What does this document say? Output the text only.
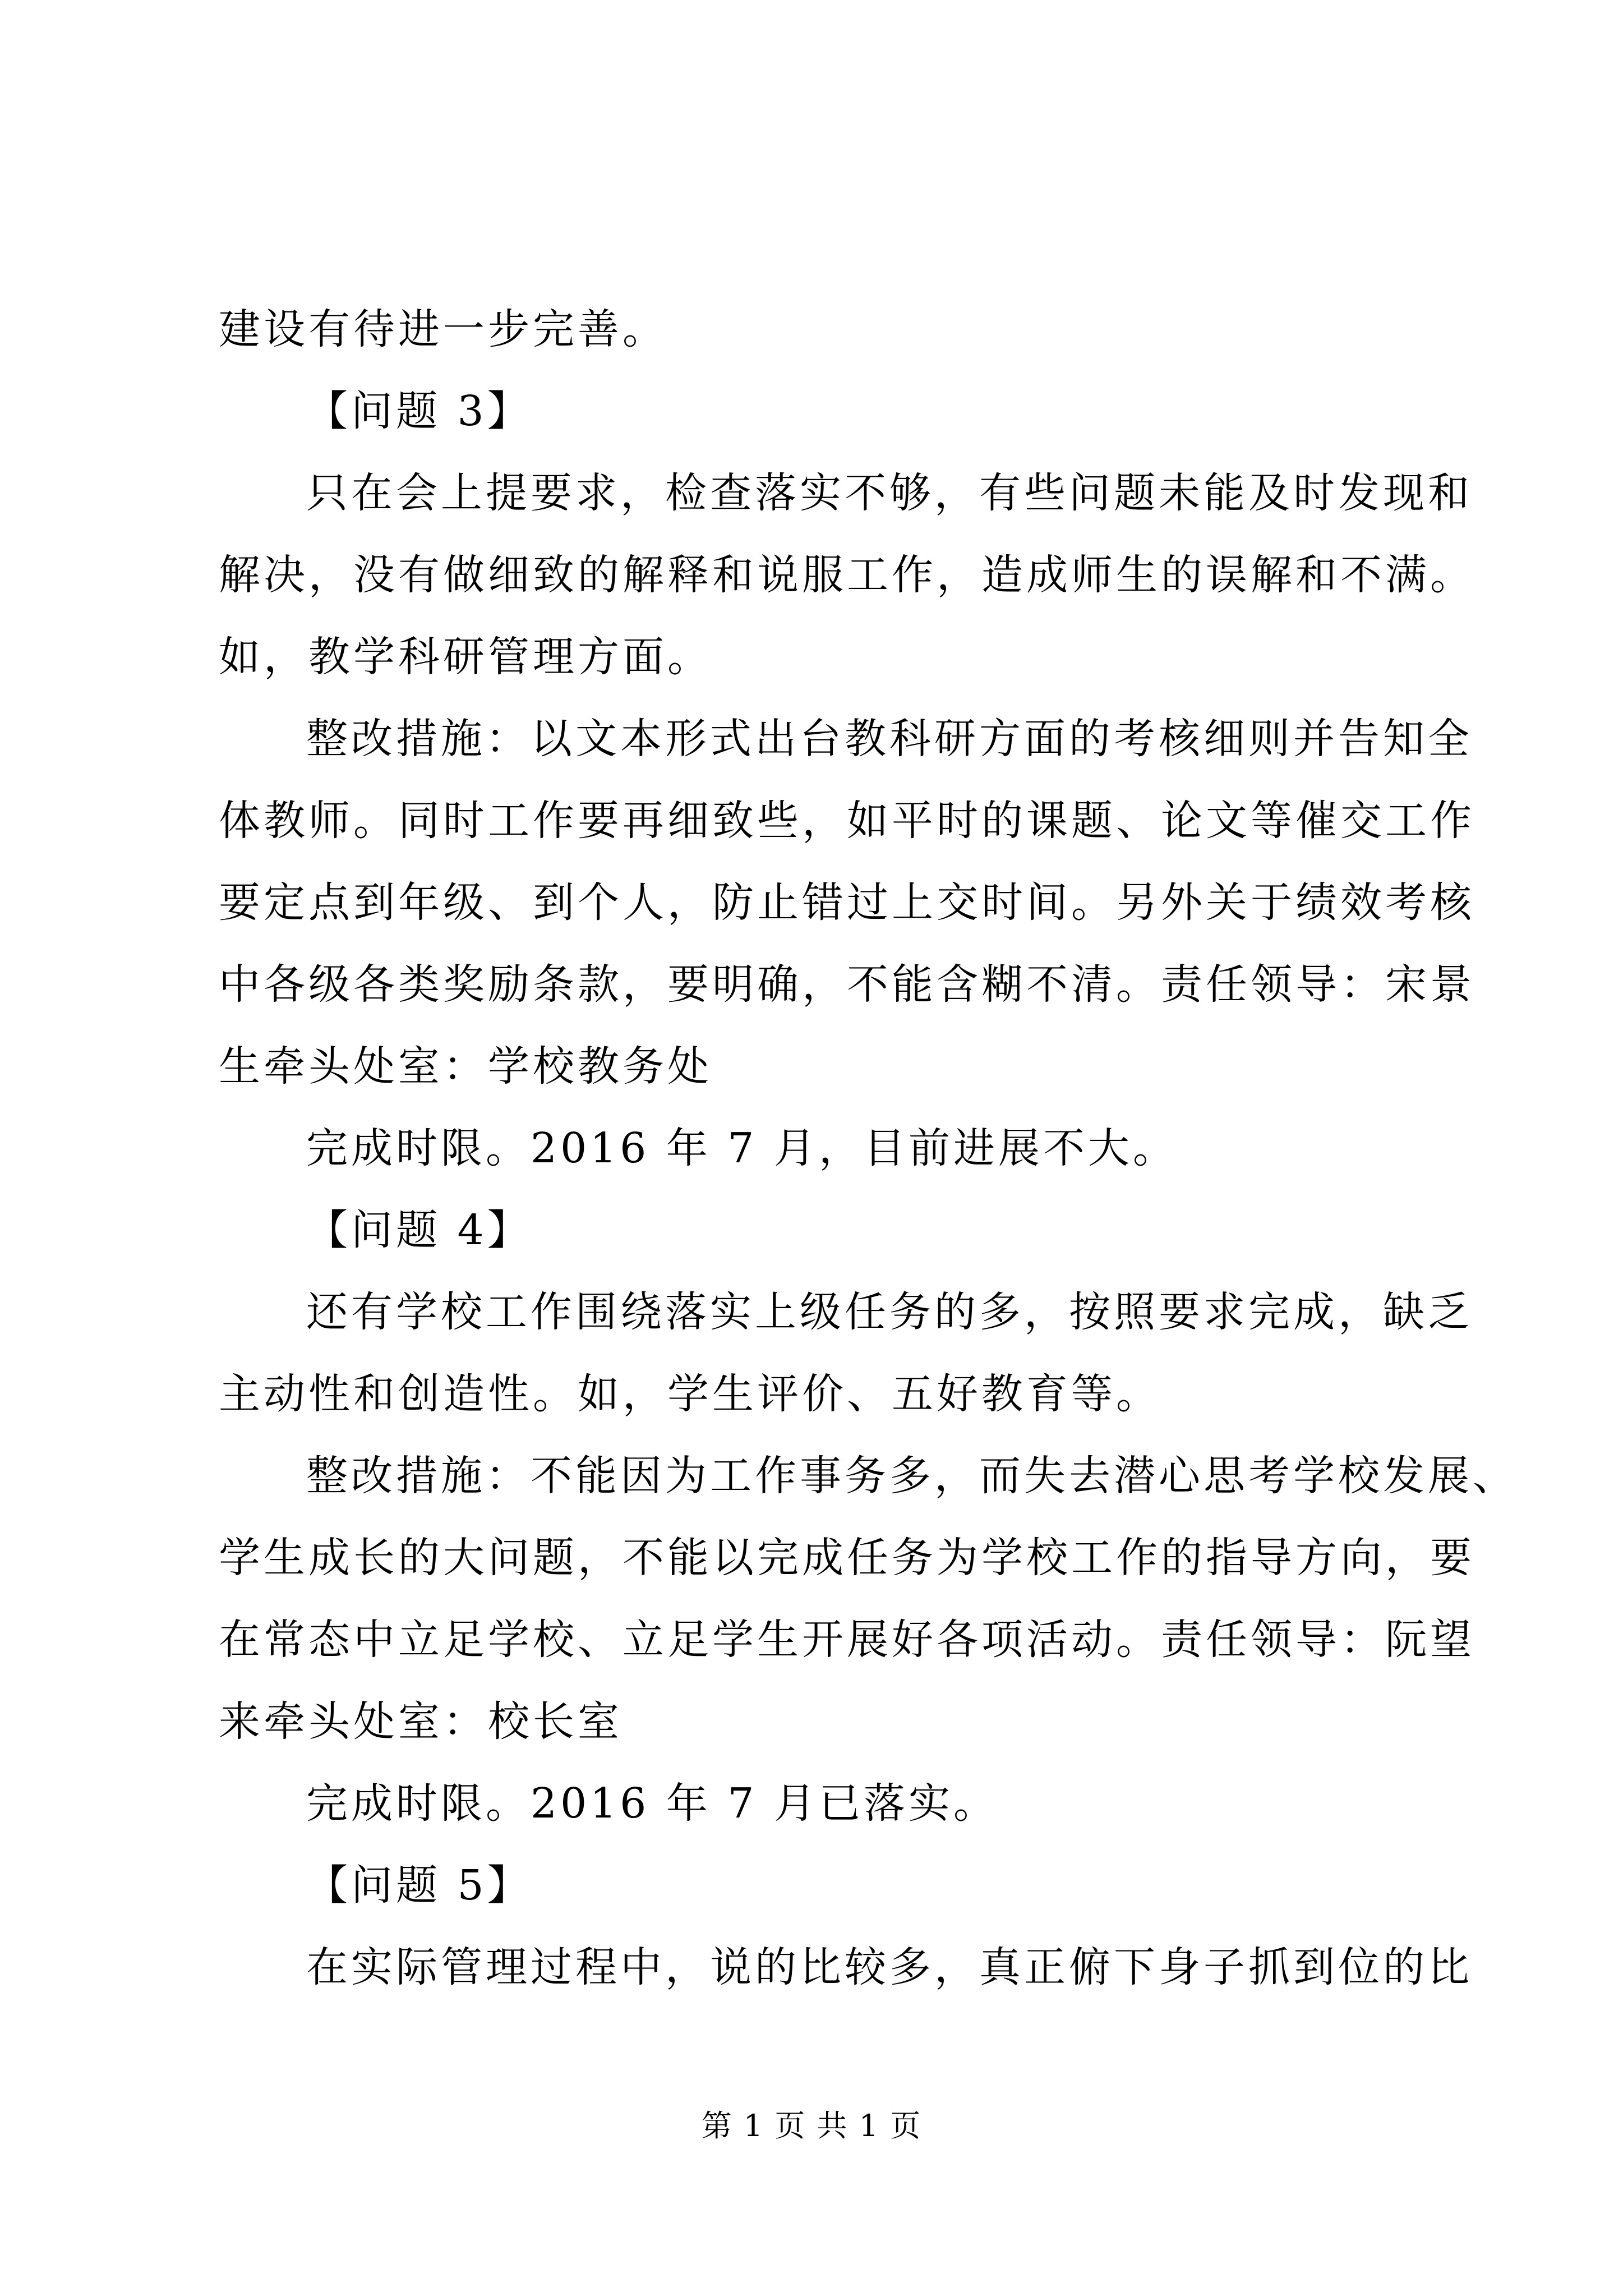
建设有待进一步完善。

【问题 3】

只在会上提要求，检查落实不够，有些问题未能及时发现和

解决，没有做细致的解释和说服工作，造成师生的误解和不满。

如，教学科研管理方面。

整改措施：以文本形式出台教科研方面的考核细则并告知全

体教师。同时工作要再细致些，如平时的课题、论文等催交工作

要定点到年级、到个人，防止错过上交时间。另外关于绩效考核

中各级各类奖励条款，要明确，不能含糊不清。责任领导：宋景

生牵头处室：学校教务处

完成时限。2016 年 7 月，目前进展不大。

【问题 4】

还有学校工作围绕落实上级任务的多，按照要求完成，缺乏

主动性和创造性。如，学生评价、五好教育等。

整改措施：不能因为工作事务多，而失去潜心思考学校发展、

学生成长的大问题，不能以完成任务为学校工作的指导方向，要

在常态中立足学校、立足学生开展好各项活动。责任领导：阮望

来牵头处室：校长室

完成时限。2016 年 7 月已落实。

【问题 5】

在实际管理过程中，说的比较多，真正俯下身子抓到位的比

第 1 页 共 1 页
